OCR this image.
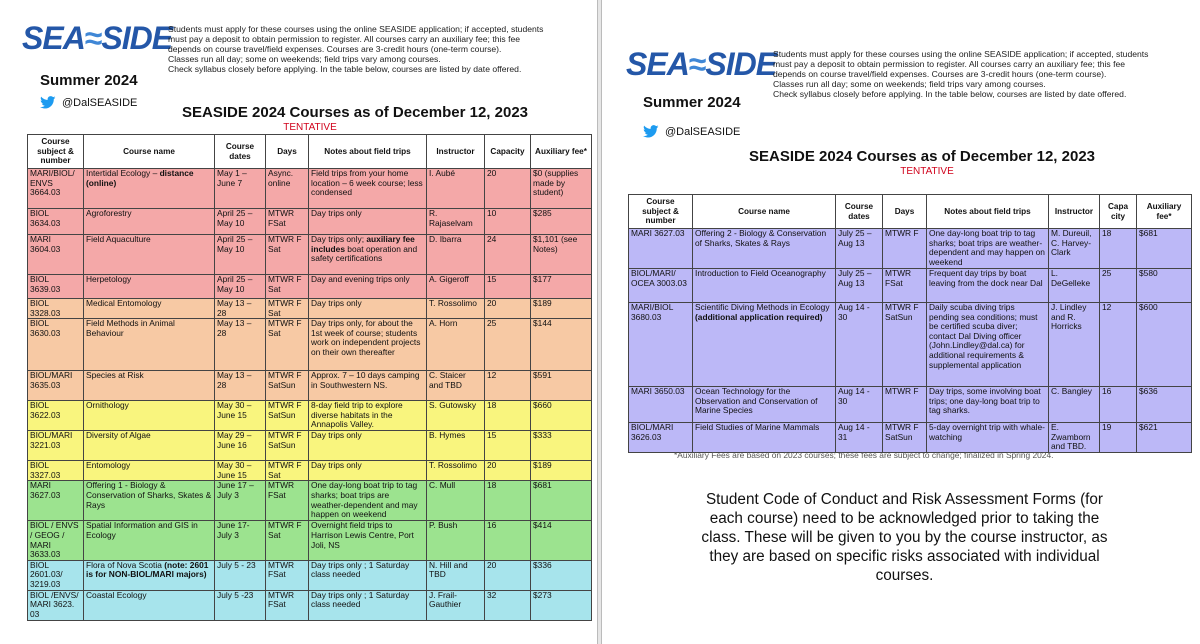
SEA≈SIDE
Summer 2024
@DalSEASIDE
Students must apply for these courses using the online SEASIDE application; if accepted, students
must pay a deposit to obtain permission to register. All courses carry an auxiliary fee; this fee
depends on course travel/field expenses. Courses are 3-credit hours (one-term course).
Classes run all day; some on weekends; field trips vary among courses.
Check syllabus closely before applying. In the table below, courses are listed by date offered.
SEASIDE 2024 Courses as of December 12, 2023
TENTATIVE
Course subject & number	Course name	Course dates	Days	Notes about field trips	Instructor	Capacity	Auxiliary fee*
MARI/BIOL/ ENVS 3664.03	Intertidal Ecology – distance (online)	May 1 – June 7	Async. online	Field trips from your home location – 6 week course; less condensed	I. Aubé	20	$0 (supplies made by student)
BIOL 3634.03	Agroforestry	April 25 – May 10	MTWR FSat	Day trips only	R. Rajaselvam	10	$285
MARI 3604.03	Field Aquaculture	April 25 – May 10	MTWR F Sat	Day trips only; auxiliary fee includes boat operation and safety certifications	D. Ibarra	24	$1,101 (see Notes)
BIOL 3639.03	Herpetology	April 25 – May 10	MTWR F Sat	Day and evening trips only	A. Gigeroff	15	$177
BIOL 3328.03	Medical Entomology	May 13 – 28	MTWR F Sat	Day trips only	T. Rossolimo	20	$189
BIOL 3630.03	Field Methods in Animal Behaviour	May 13 – 28	MTWR F Sat	Day trips only, for about the 1st week of course; students work on independent projects on their own thereafter	A. Horn	25	$144
BIOL/MARI 3635.03	Species at Risk	May 13 – 28	MTWR F SatSun	Approx. 7 – 10 days camping in Southwestern NS.	C. Staicer and TBD	12	$591
BIOL 3622.03	Ornithology	May 30 – June 15	MTWR F SatSun	8-day field trip to explore diverse habitats in the Annapolis Valley.	S. Gutowsky	18	$660
BIOL/MARI 3221.03	Diversity of Algae	May 29 – June 16	MTWR F SatSun	Day trips only	B. Hymes	15	$333
BIOL 3327.03	Entomology	May 30 – June 15	MTWR F Sat	Day trips only	T. Rossolimo	20	$189
MARI 3627.03	Offering 1 - Biology & Conservation of Sharks, Skates & Rays	June 17 – July 3	MTWR FSat	One day-long boat trip to tag sharks; boat trips are weather-dependent and may happen on weekend	C. Mull	18	$681
BIOL / ENVS / GEOG / MARI 3633.03	Spatial Information and GIS in Ecology	June 17- July 3	MTWR F Sat	Overnight field trips to Harrison Lewis Centre, Port Joli, NS	P. Bush	16	$414
BIOL 2601.03/ 3219.03	Flora of Nova Scotia (note: 2601 is for NON-BIOL/MARI majors)	July 5 - 23	MTWR FSat	Day trips only ; 1 Saturday class needed	N. Hill and TBD	20	$336
BIOL /ENVS/ MARI 3623. 03	Coastal Ecology	July 5 -23	MTWR FSat	Day trips only ; 1 Saturday class needed	J. Frail-Gauthier	32	$273
SEA≈SIDE
Summer 2024
@DalSEASIDE
Students must apply for these courses using the online SEASIDE application; if accepted, students
must pay a deposit to obtain permission to register. All courses carry an auxiliary fee; this fee
depends on course travel/field expenses. Courses are 3-credit hours (one-term course).
Classes run all day; some on weekends; field trips vary among courses.
Check syllabus closely before applying. In the table below, courses are listed by date offered.
SEASIDE 2024 Courses as of December 12, 2023
TENTATIVE
Course subject & number	Course name	Course dates	Days	Notes about field trips	Instructor	Capa city	Auxiliary fee*
MARI 3627.03	Offering 2 - Biology & Conservation of Sharks, Skates & Rays	July 25 – Aug 13	MTWR F	One day-long boat trip to tag sharks; boat trips are weather-dependent and may happen on weekend	M. Dureuil, C. Harvey-Clark	18	$681
BIOL/MARI/ OCEA 3003.03	Introduction to Field Oceanography	July 25 – Aug 13	MTWR FSat	Frequent day trips by boat leaving from the dock near Dal	L. DeGelleke	25	$580
MARI/BIOL 3680.03	Scientific Diving Methods in Ecology (additional application required)	Aug 14 - 30	MTWR F SatSun	Daily scuba diving trips pending sea conditions; must be certified scuba diver; contact Dal Diving officer (John.Lindley@dal.ca) for additional requirements & supplemental application	J. Lindley and R. Horricks	12	$600
MARI 3650.03	Ocean Technology for the Observation and Conservation of Marine Species	Aug 14 - 30	MTWR F	Day trips, some involving boat trips; one day-long boat trip to tag sharks.	C. Bangley	16	$636
BIOL/MARI 3626.03	Field Studies of Marine Mammals	Aug 14 - 31	MTWR F SatSun	5-day overnight trip with whale-watching	E. Zwamborn and TBD.	19	$621
*Auxiliary Fees are based on 2023 courses; these fees are subject to change; finalized in Spring 2024.
Student Code of Conduct and Risk Assessment Forms (for
each course) need to be acknowledged prior to taking the
class. These will be given to you by the course instructor, as
they are based on specific risks associated with individual
courses.
